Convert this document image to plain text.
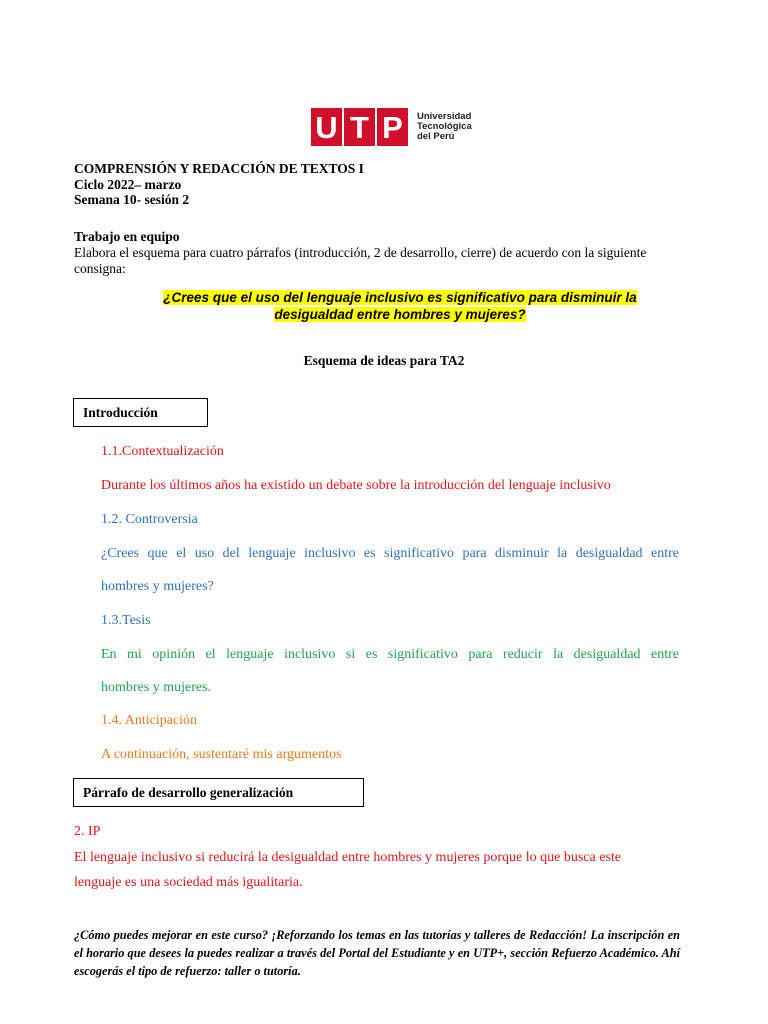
U T P	Universidad
Tecnológica
del Perú
COMPRENSIÓN Y REDACCIÓN DE TEXTOS I
Ciclo 2022– marzo
Semana 10- sesión 2
Trabajo en equipo
Elabora el esquema para cuatro párrafos (introducción, 2 de desarrollo, cierre) de acuerdo con la siguiente consigna:
¿Crees que el uso del lenguaje inclusivo es significativo para disminuir la
desigualdad entre hombres y mujeres?
Esquema de ideas para TA2
Introducción
1.1.Contextualización
Durante los últimos años ha existido un debate sobre la introducción del lenguaje inclusivo
1.2. Controversia
¿Crees que el uso del lenguaje inclusivo es significativo para disminuir la desigualdad entre
hombres y mujeres?
1.3.Tesis
En mi opinión el lenguaje inclusivo si es significativo para reducir la desigualdad entre
hombres y mujeres.
1.4. Anticipación
A continuación, sustentaré mis argumentos
Párrafo de desarrollo generalización
2. IP
El lenguaje inclusivo si reducirá la desigualdad entre hombres y mujeres porque lo que busca este
lenguaje es una sociedad más igualitaria.
¿Cómo puedes mejorar en este curso? ¡Reforzando los temas en las tutorías y talleres de Redacción! La inscripción en el horario que desees la puedes realizar a través del Portal del Estudiante y en UTP+, sección Refuerzo Académico. Ahí escogerás el tipo de refuerzo: taller o tutoría.
